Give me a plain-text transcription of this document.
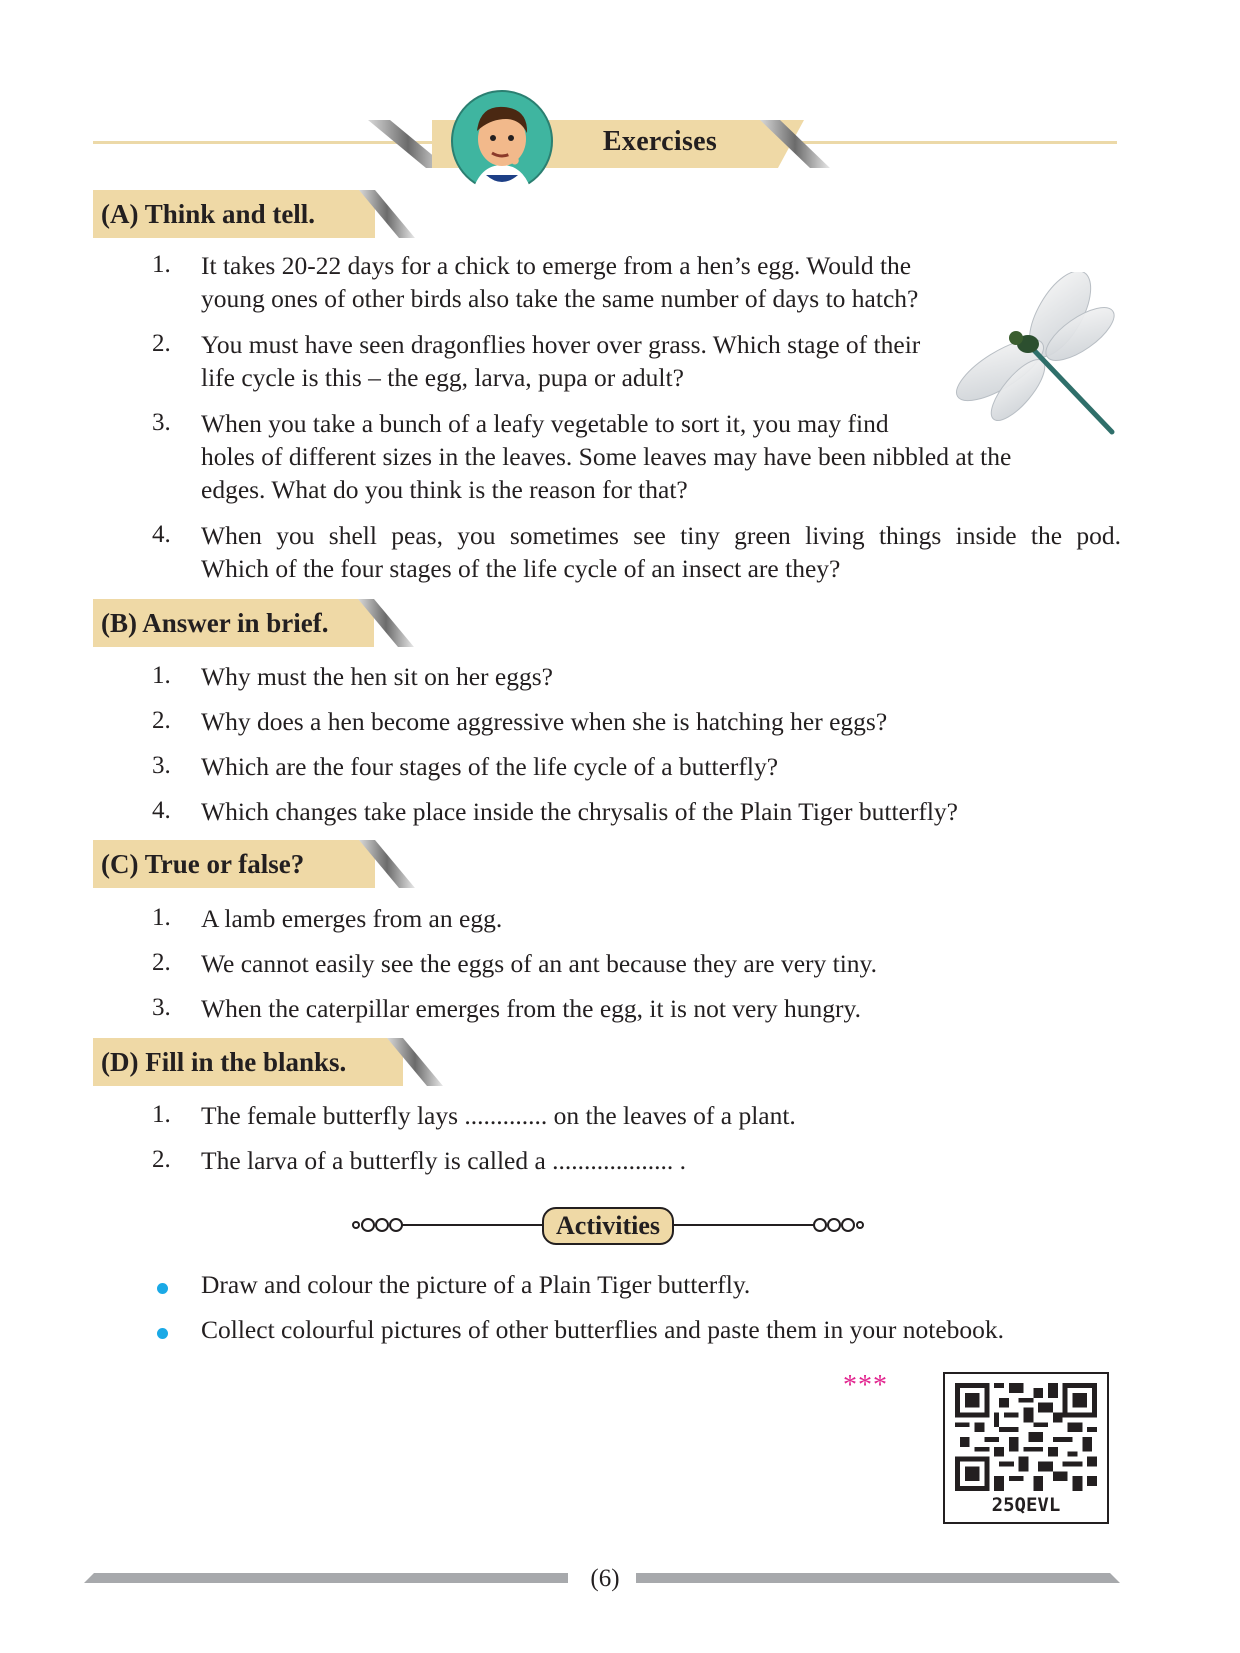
Exercises
(A) Think and tell.
1.	It takes 20-22 days for a chick to emerge from a hen’s egg. Would the
young ones of other birds also take the same number of days to hatch?
2.	You must have seen dragonflies hover over grass. Which stage of their
life cycle is this – the egg, larva, pupa or adult?
3.	When you take a bunch of a leafy vegetable to sort it, you may find
holes of different sizes in the leaves. Some leaves may have been nibbled at the
edges. What do you think is the reason for that?
4.	When you shell peas, you sometimes see tiny green living things inside the pod.
Which of the four stages of the life cycle of an insect are they?
(B) Answer in brief.
1.	Why must the hen sit on her eggs?
2.	Why does a hen become aggressive when she is hatching her eggs?
3.	Which are the four stages of the life cycle of a butterfly?
4.	Which changes take place inside the chrysalis of the Plain Tiger butterfly?
(C) True or false?
1.	A lamb emerges from an egg.
2.	We cannot easily see the eggs of an ant because they are very tiny.
3.	When the caterpillar emerges from the egg, it is not very hungry.
(D) Fill in the blanks.
1.	The female butterfly lays ............. on the leaves of a plant.
2.	The larva of a butterfly is called a ................... .
Activities
Draw and colour the picture of a Plain Tiger butterfly.
Collect colourful pictures of other butterflies and paste them in your notebook.
***
25QEVL
(6)
